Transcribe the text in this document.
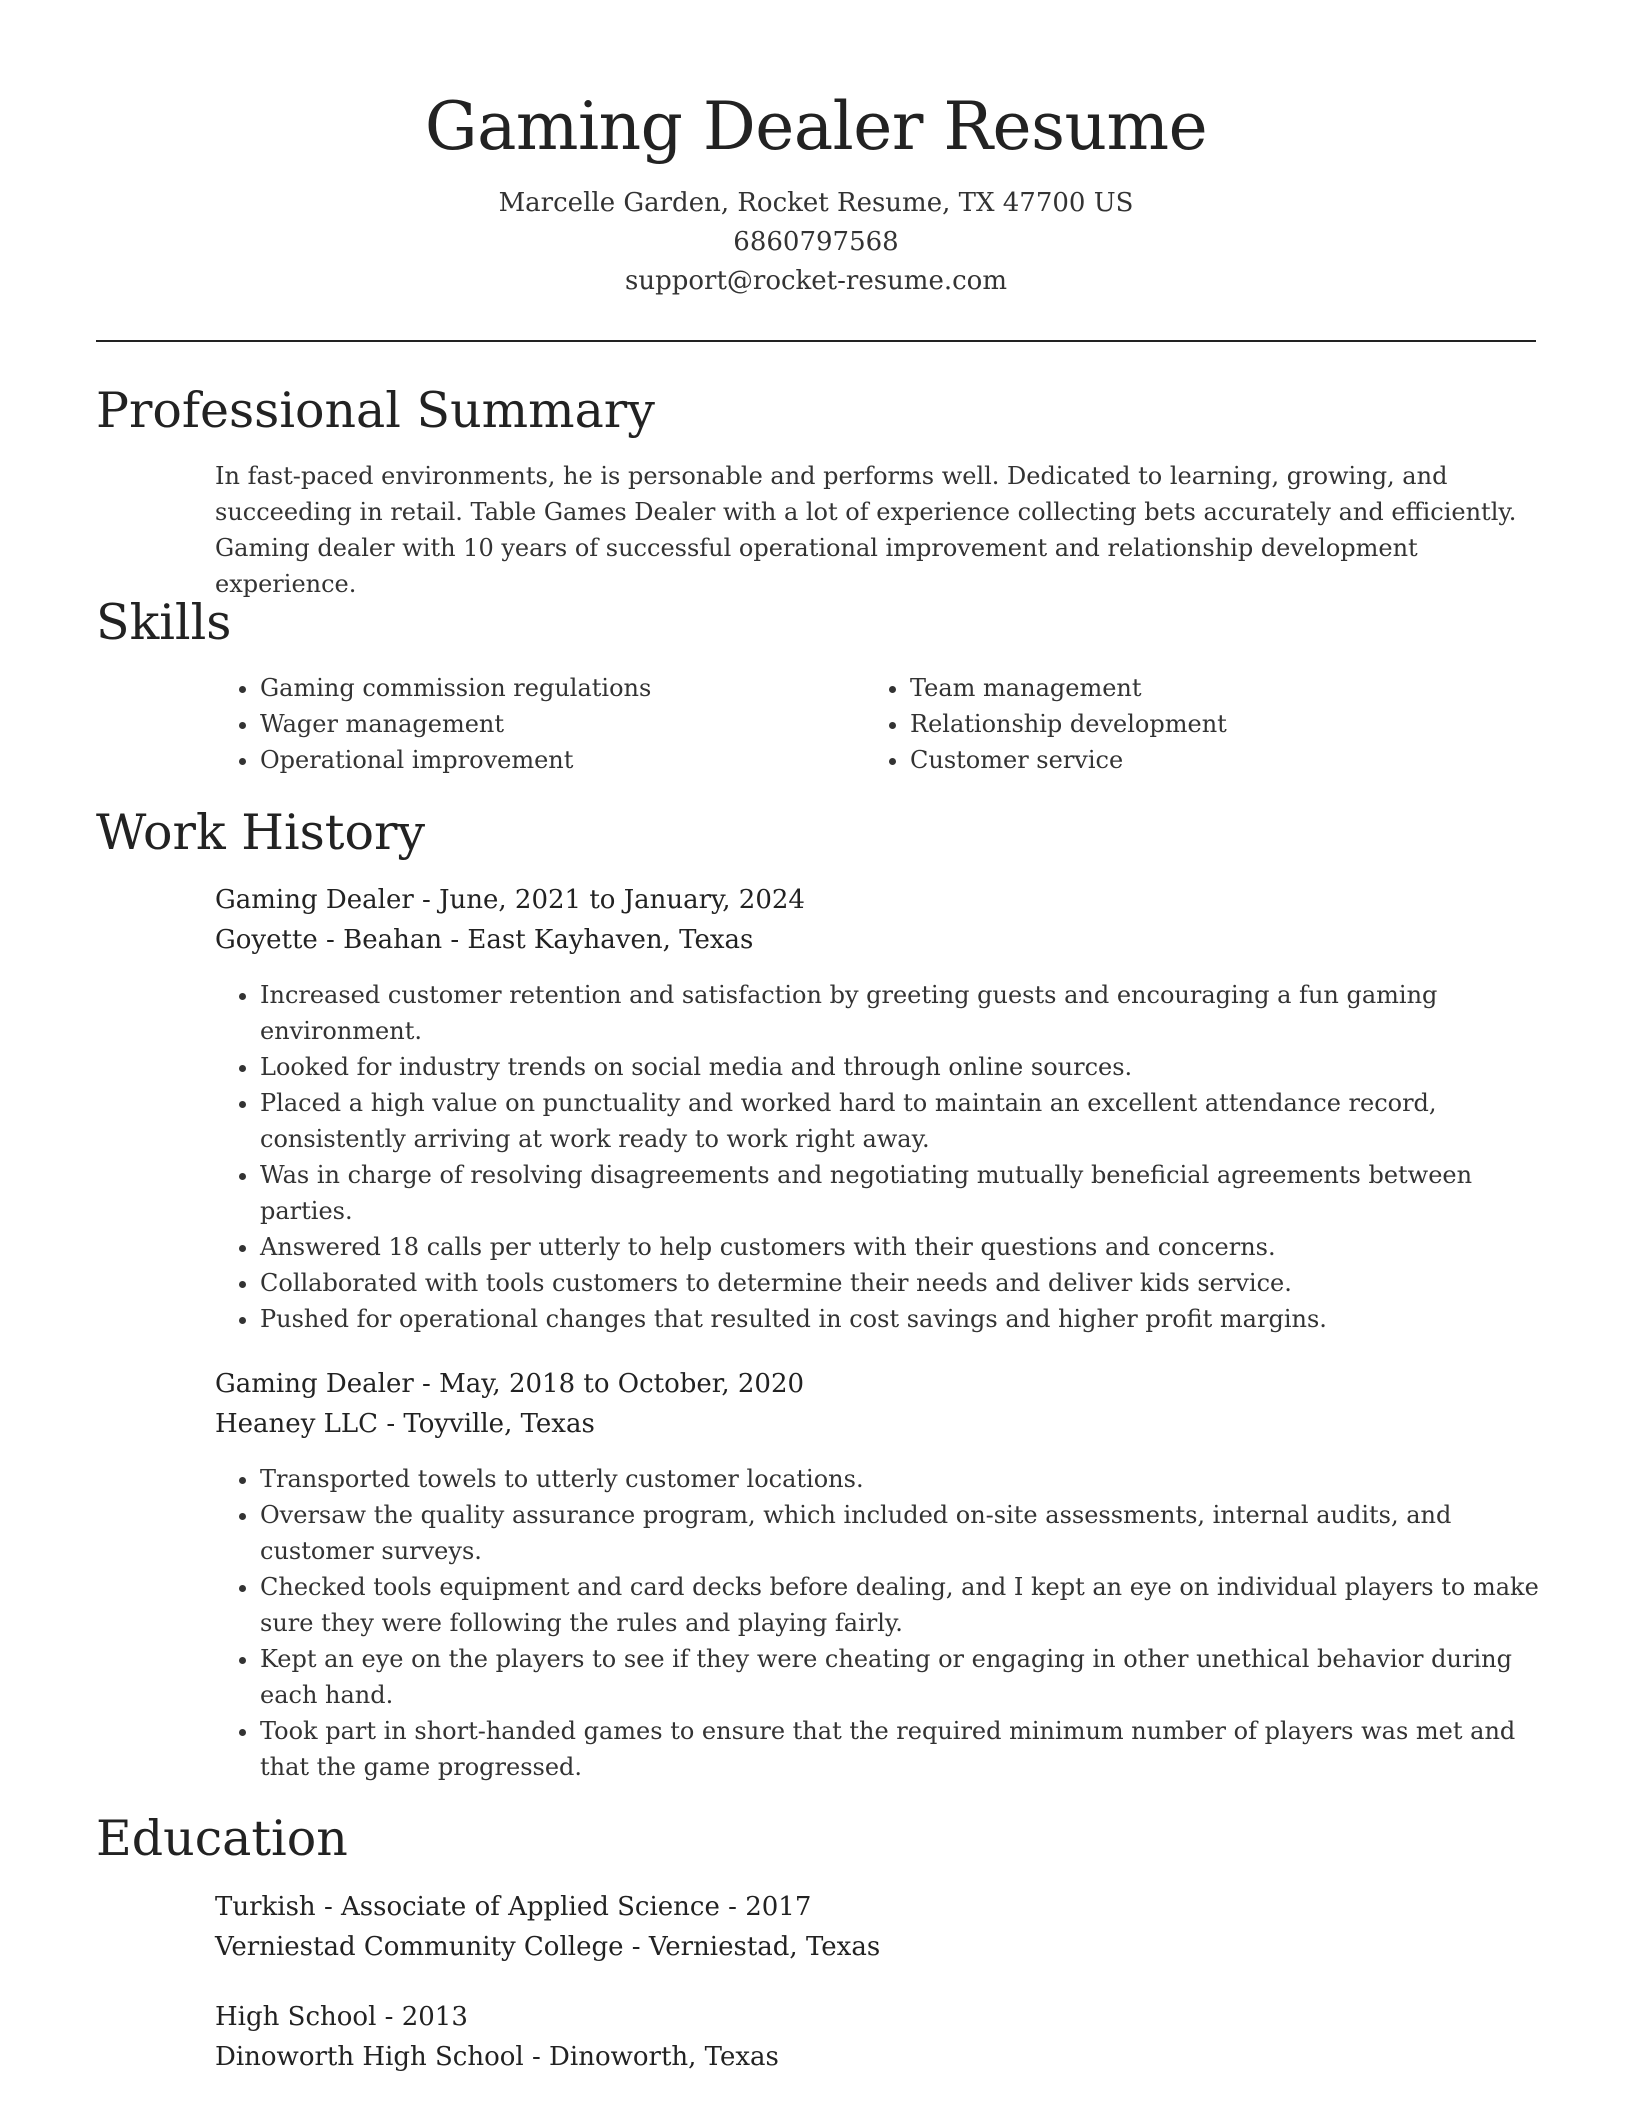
Gaming Dealer Resume

Marcelle Garden, Rocket Resume, TX 47700 US

6860797568

support@rocket-resume.com

Professional Summary

In fast-paced environments, he is personable and performs well. Dedicated to learning, growing, and succeeding in retail. Table Games Dealer with a lot of experience collecting bets accurately and efficiently. Gaming dealer with 10 years of successful operational improvement and relationship development experience.

Skills
• Gaming commission regulations
• Wager management
• Operational improvement
• Team management
• Relationship development
• Customer service
Work History

Gaming Dealer - June, 2021 to January, 2024

Goyette - Beahan - East Kayhaven, Texas

• Increased customer retention and satisfaction by greeting guests and encouraging a fun gaming environment.
• Looked for industry trends on social media and through online sources.
• Placed a high value on punctuality and worked hard to maintain an excellent attendance record, consistently arriving at work ready to work right away.
• Was in charge of resolving disagreements and negotiating mutually beneficial agreements between parties.
• Answered 18 calls per utterly to help customers with their questions and concerns.
• Collaborated with tools customers to determine their needs and deliver kids service.
• Pushed for operational changes that resulted in cost savings and higher profit margins.

Gaming Dealer - May, 2018 to October, 2020

Heaney LLC - Toyville, Texas

• Transported towels to utterly customer locations.
• Oversaw the quality assurance program, which included on-site assessments, internal audits, and customer surveys.
• Checked tools equipment and card decks before dealing, and I kept an eye on individual players to make sure they were following the rules and playing fairly.
• Kept an eye on the players to see if they were cheating or engaging in other unethical behavior during each hand.
• Took part in short-handed games to ensure that the required minimum number of players was met and that the game progressed.
Education

Turkish - Associate of Applied Science - 2017

Verniestad Community College - Verniestad, Texas

High School - 2013

Dinoworth High School - Dinoworth, Texas
